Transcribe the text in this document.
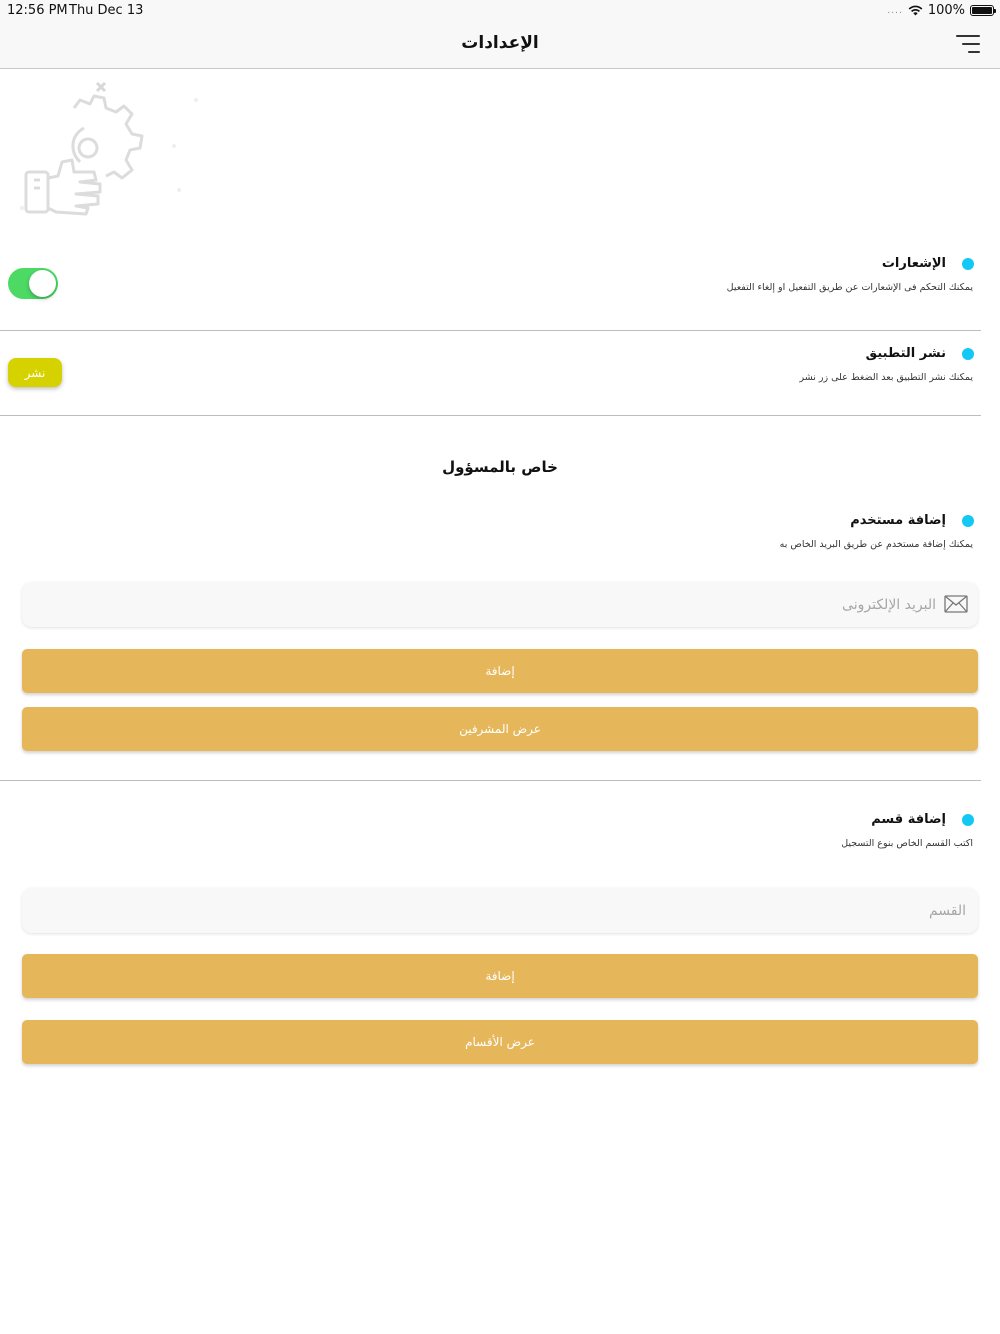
12:56 PM Thu Dec 13	.... 100%
الإعدادات
الإشعارات
يمكنك التحكم فى الإشعارات عن طريق التفعيل او إلغاء التفعيل
نشر التطبيق
يمكنك نشر التطبيق بعد الضغط على زر نشر
نشر
خاص بالمسؤول
إضافة مستخدم
يمكنك إضافة مستخدم عن طريق البريد الخاص به
البريد الإلكترونى
إضافة
عرض المشرفين
إضافة قسم
اكتب القسم الخاص بنوع التسجيل
القسم
إضافة
عرض الأقسام
